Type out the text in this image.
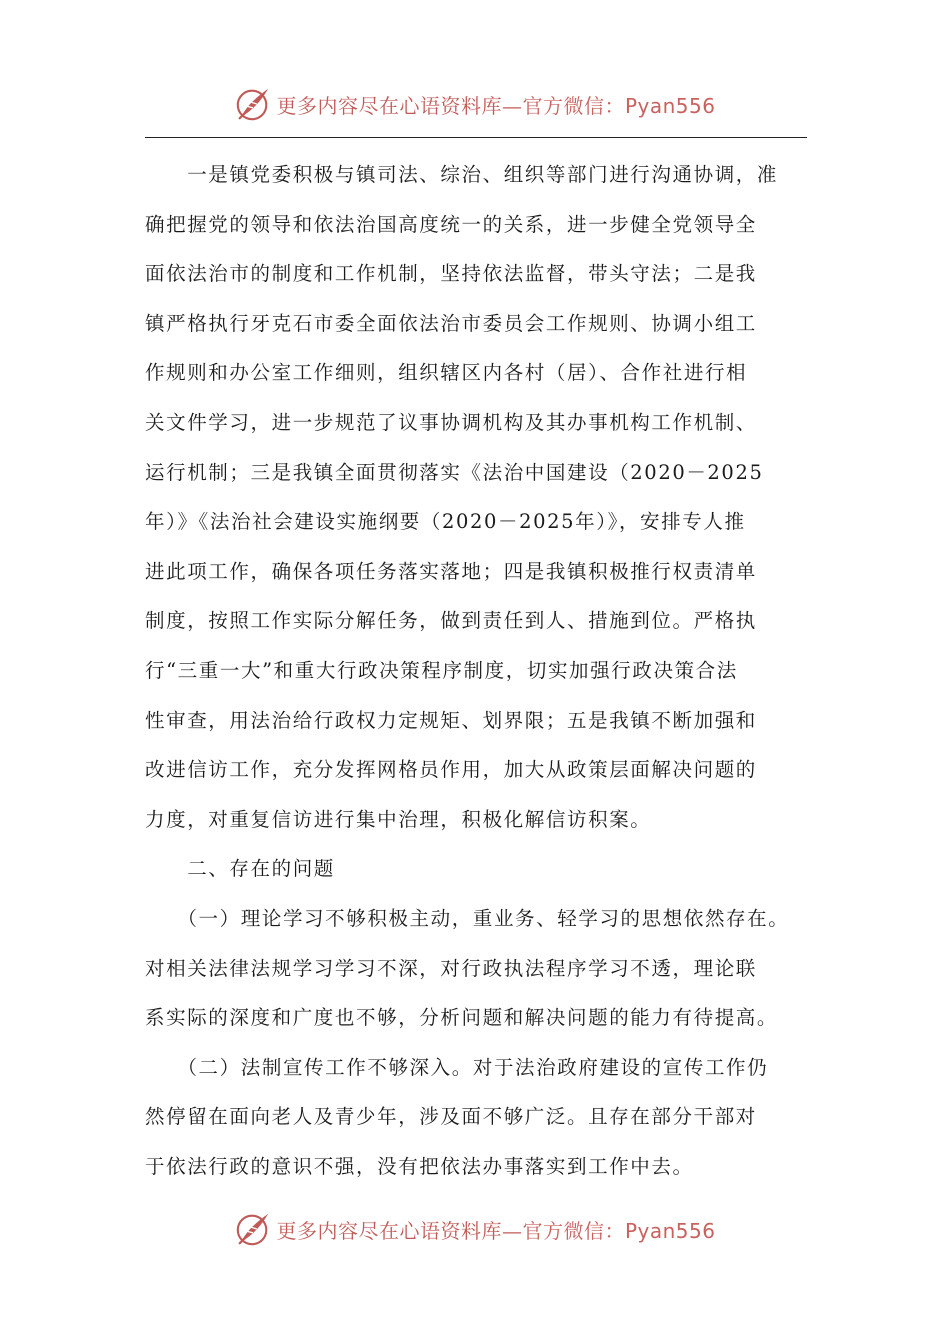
更多内容尽在心语资料库—官方微信：Pyan556
　　一是镇党委积极与镇司法、综治、组织等部门进行沟通协调，准
确把握党的领导和依法治国高度统一的关系，进一步健全党领导全
面依法治市的制度和工作机制，坚持依法监督，带头守法；二是我
镇严格执行牙克石市委全面依法治市委员会工作规则、协调小组工
作规则和办公室工作细则，组织辖区内各村（居）、合作社进行相
关文件学习，进一步规范了议事协调机构及其办事机构工作机制、
运行机制；三是我镇全面贯彻落实《法治中国建设（2020－2025
年）》《法治社会建设实施纲要（2020－2025年）》，安排专人推
进此项工作，确保各项任务落实落地；四是我镇积极推行权责清单
制度，按照工作实际分解任务，做到责任到人、措施到位。严格执
行“三重一大”和重大行政决策程序制度，切实加强行政决策合法
性审查，用法治给行政权力定规矩、划界限；五是我镇不断加强和
改进信访工作，充分发挥网格员作用，加大从政策层面解决问题的
力度，对重复信访进行集中治理，积极化解信访积案。
　　二、存在的问题
　　（一）理论学习不够积极主动，重业务、轻学习的思想依然存在。
对相关法律法规学习学习不深，对行政执法程序学习不透，理论联
系实际的深度和广度也不够，分析问题和解决问题的能力有待提高。
　　（二）法制宣传工作不够深入。对于法治政府建设的宣传工作仍
然停留在面向老人及青少年，涉及面不够广泛。且存在部分干部对
于依法行政的意识不强，没有把依法办事落实到工作中去。
更多内容尽在心语资料库—官方微信：Pyan556
